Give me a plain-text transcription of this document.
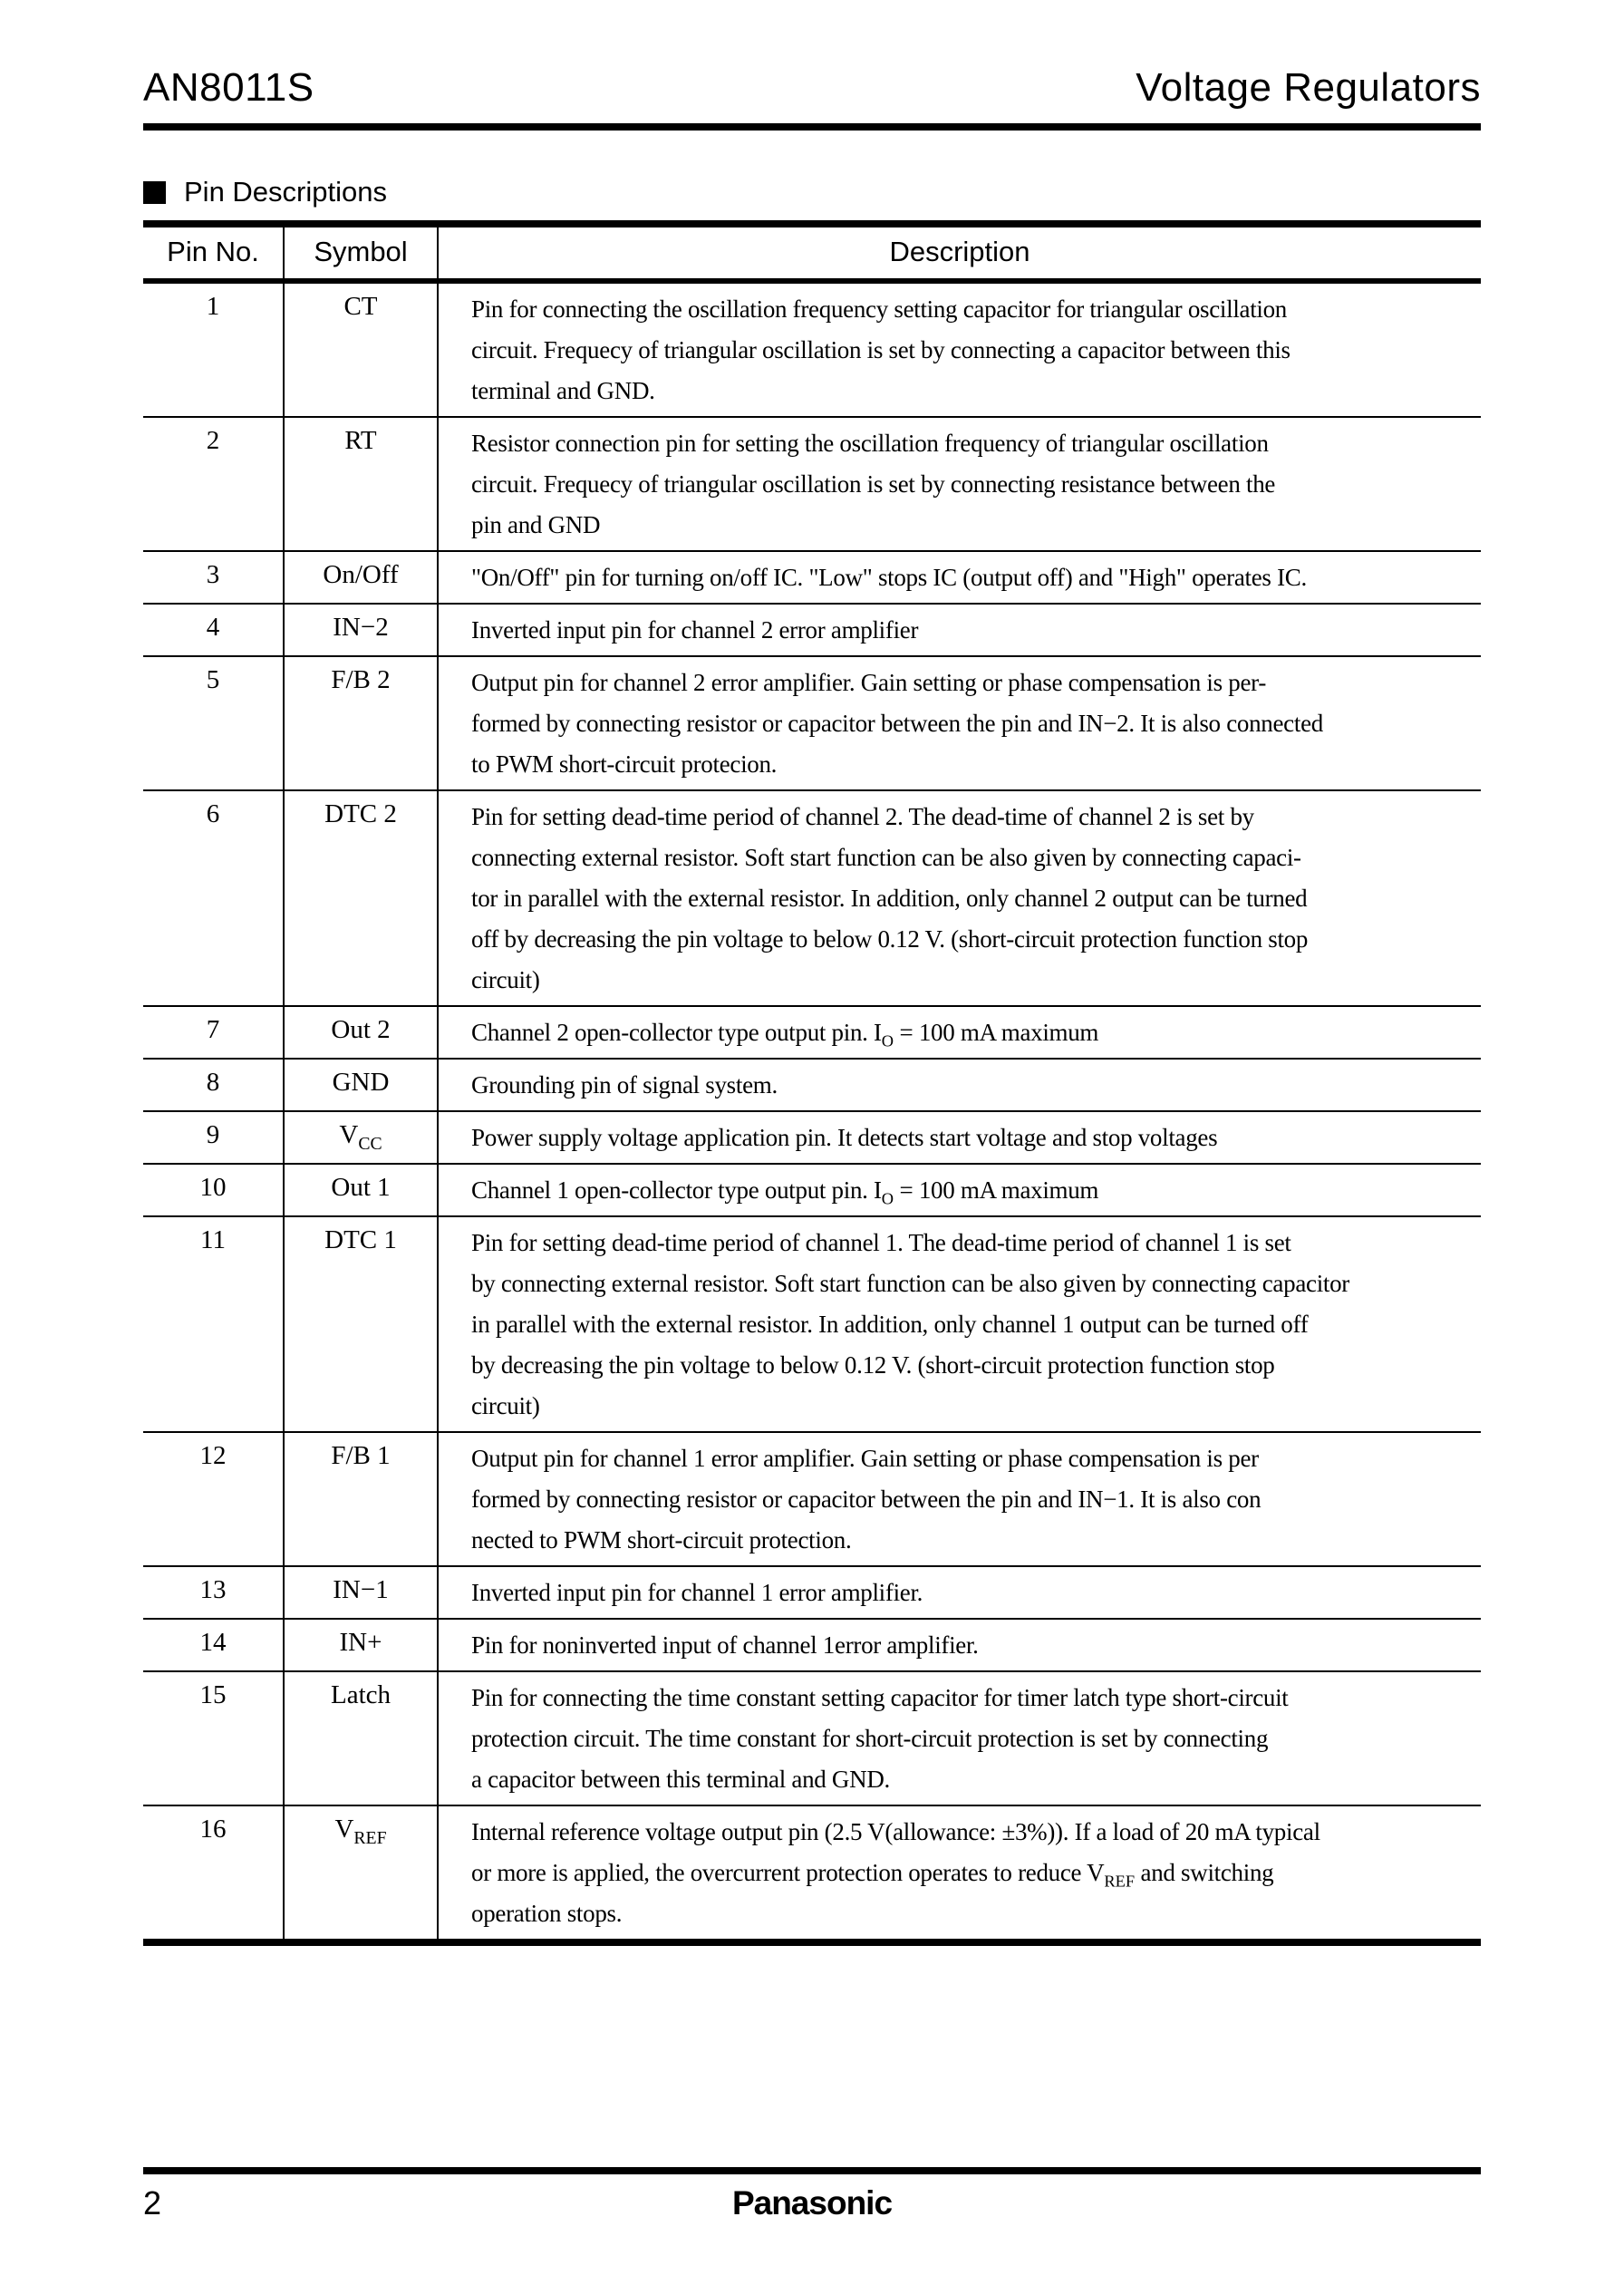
AN8011S	Voltage Regulators
Pin Descriptions
Pin No.	Symbol	Description
1	CT	Pin for connecting the oscillation frequency setting capacitor for triangular oscillation
circuit. Frequecy of triangular oscillation is set by connecting a capacitor between this
terminal and GND.

2	RT	Resistor connection pin for setting the oscillation frequency of triangular oscillation
circuit. Frequecy of triangular oscillation is set by connecting resistance between the
pin and GND

3	On/Off	"On/Off" pin for turning on/off IC. "Low" stops IC (output off) and "High" operates IC.

4	IN−2	Inverted input pin for channel 2 error amplifier

5	F/B 2	Output pin for channel 2 error amplifier. Gain setting or phase compensation is per-
formed by connecting resistor or capacitor between the pin and IN−2. It is also connected
to PWM short-circuit protecion.

6	DTC 2	Pin for setting dead-time period of channel 2. The dead-time of channel 2 is set by
connecting external resistor. Soft start function can be also given by connecting capaci-
tor in parallel with the external resistor. In addition, only channel 2 output can be turned
off by decreasing the pin voltage to below 0.12 V. (short-circuit protection function stop
circuit)

7	Out 2	Channel 2 open-collector type output pin. $I_O = 100$ mA maximum

8	GND	Grounding pin of signal system.

9	$V_{CC}$	Power supply voltage application pin. It detects start voltage and stop voltages

10	Out 1	Channel 1 open-collector type output pin. $I_O = 100$ mA maximum

11	DTC 1	Pin for setting dead-time period of channel 1. The dead-time period of channel 1 is set
by connecting external resistor. Soft start function can be also given by connecting capacitor
in parallel with the external resistor. In addition, only channel 1 output can be turned off
by decreasing the pin voltage to below 0.12 V. (short-circuit protection function stop
circuit)

12	F/B 1	Output pin for channel 1 error amplifier. Gain setting or phase compensation is per
formed by connecting resistor or capacitor between the pin and IN−1. It is also con
nected to PWM short-circuit protection.

13	IN−1	Inverted input pin for channel 1 error amplifier.

14	IN+	Pin for noninverted input of channel 1error amplifier.

15	Latch	Pin for connecting the time constant setting capacitor for timer latch type short-circuit
protection circuit. The time constant for short-circuit protection is set by connecting
a capacitor between this terminal and GND.

16	$V_{REF}$	Internal reference voltage output pin (2.5 V(allowance: ±3%)). If a load of 20 mA typical
or more is applied, the overcurrent protection operates to reduce $V_{REF}$ and switching
operation stops.
2	Panasonic
